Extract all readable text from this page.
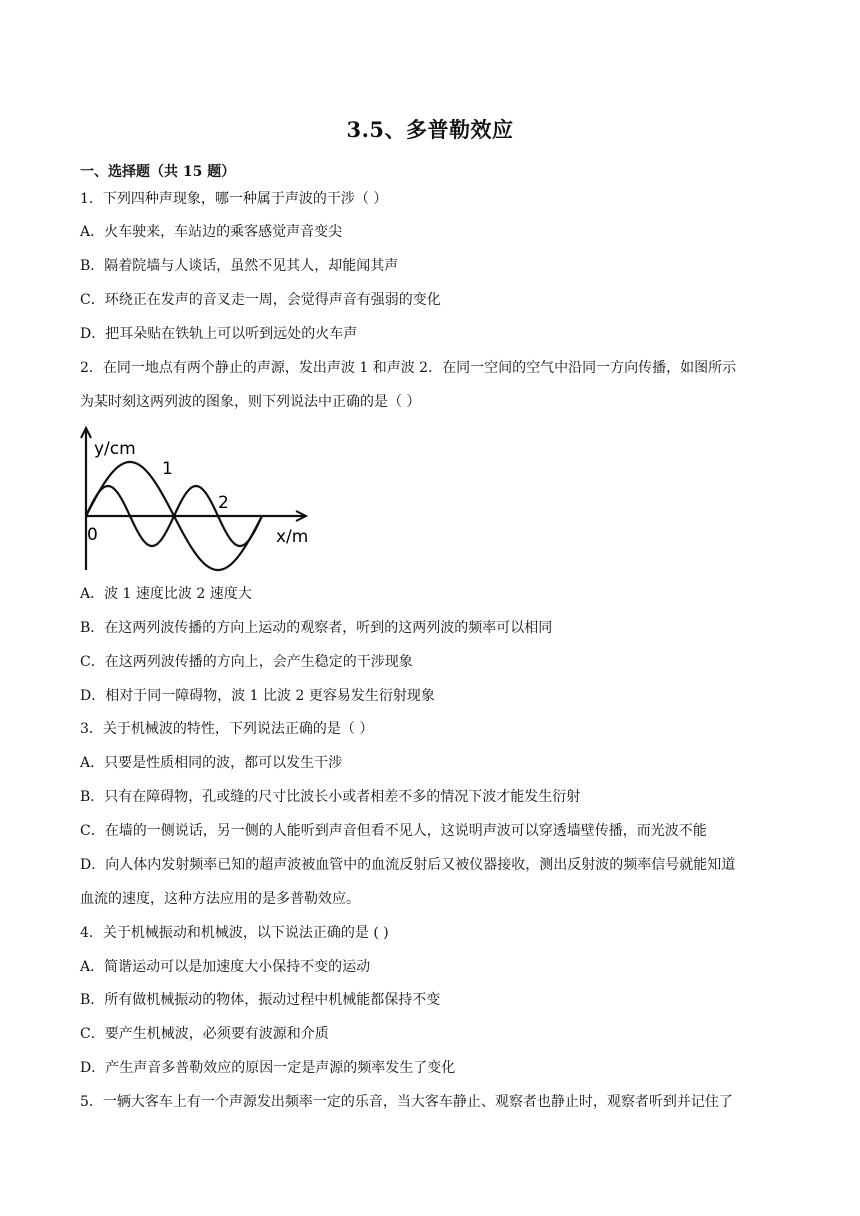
3.5、多普勒效应
一、选择题（共 15 题）
1．下列四种声现象，哪一种属于声波的干涉（ ）
A．火车驶来，车站边的乘客感觉声音变尖
B．隔着院墙与人谈话，虽然不见其人，却能闻其声
C．环绕正在发声的音叉走一周，会觉得声音有强弱的变化
D．把耳朵贴在铁轨上可以听到远处的火车声
2．在同一地点有两个静止的声源，发出声波 1 和声波 2．在同一空间的空气中沿同一方向传播，如图所示
为某时刻这两列波的图象，则下列说法中正确的是（ ）
y/cm
x/m
0
1
2
A．波 1 速度比波 2 速度大
B．在这两列波传播的方向上运动的观察者，听到的这两列波的频率可以相同
C．在这两列波传播的方向上，会产生稳定的干涉现象
D．相对于同一障碍物，波 1 比波 2 更容易发生衍射现象
3．关于机械波的特性，下列说法正确的是（ ）
A．只要是性质相同的波，都可以发生干涉
B．只有在障碍物，孔或缝的尺寸比波长小或者相差不多的情况下波才能发生衍射
C．在墙的一侧说话，另一侧的人能听到声音但看不见人，这说明声波可以穿透墙壁传播，而光波不能
D．向人体内发射频率已知的超声波被血管中的血流反射后又被仪器接收，测出反射波的频率信号就能知道
血流的速度，这种方法应用的是多普勒效应。
4．关于机械振动和机械波，以下说法正确的是 ( )
A．简谐运动可以是加速度大小保持不变的运动
B．所有做机械振动的物体，振动过程中机械能都保持不变
C．要产生机械波，必须要有波源和介质
D．产生声音多普勒效应的原因一定是声源的频率发生了变化
5．一辆大客车上有一个声源发出频率一定的乐音，当大客车静止、观察者也静止时，观察者听到并记住了
